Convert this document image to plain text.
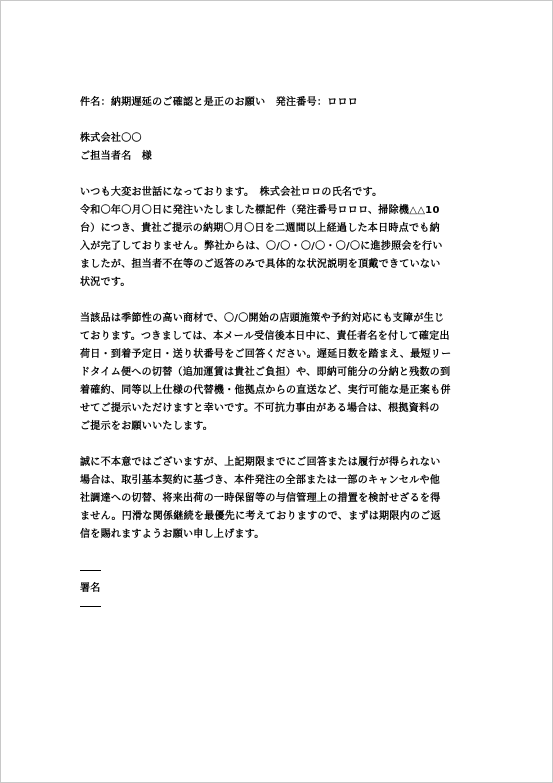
件名：納期遅延のご確認と是正のお願い　発注番号：ロロロ
株式会社〇〇
ご担当者名　様
いつも大変お世話になっております。　株式会社ロロの氏名です。
令和〇年〇月〇日に発注いたしました標記件（発注番号ロロロ、掃除機△△10
台）につき、貴社ご提示の納期〇月〇日を二週間以上経過した本日時点でも納
入が完了しておりません。弊社からは、〇/〇・〇/〇・〇/〇に進捗照会を行い
ましたが、担当者不在等のご返答のみで具体的な状況説明を頂戴できていない
状況です。
当該品は季節性の高い商材で、〇/〇開始の店頭施策や予約対応にも支障が生じ
ております。つきましては、本メール受信後本日中に、責任者名を付して確定出
荷日・到着予定日・送り状番号をご回答ください。遅延日数を踏まえ、最短リー
ドタイム便への切替（追加運賃は貴社ご負担）や、即納可能分の分納と残数の到
着確約、同等以上仕様の代替機・他拠点からの直送など、実行可能な是正案も併
せてご提示いただけますと幸いです。不可抗力事由がある場合は、根拠資料の
ご提示をお願いいたします。
誠に不本意ではございますが、上記期限までにご回答または履行が得られない
場合は、取引基本契約に基づき、本件発注の全部または一部のキャンセルや他
社調達への切替、将来出荷の一時保留等の与信管理上の措置を検討せざるを得
ません。円滑な関係継続を最優先に考えておりますので、まずは期限内のご返
信を賜れますようお願い申し上げます。
署名
